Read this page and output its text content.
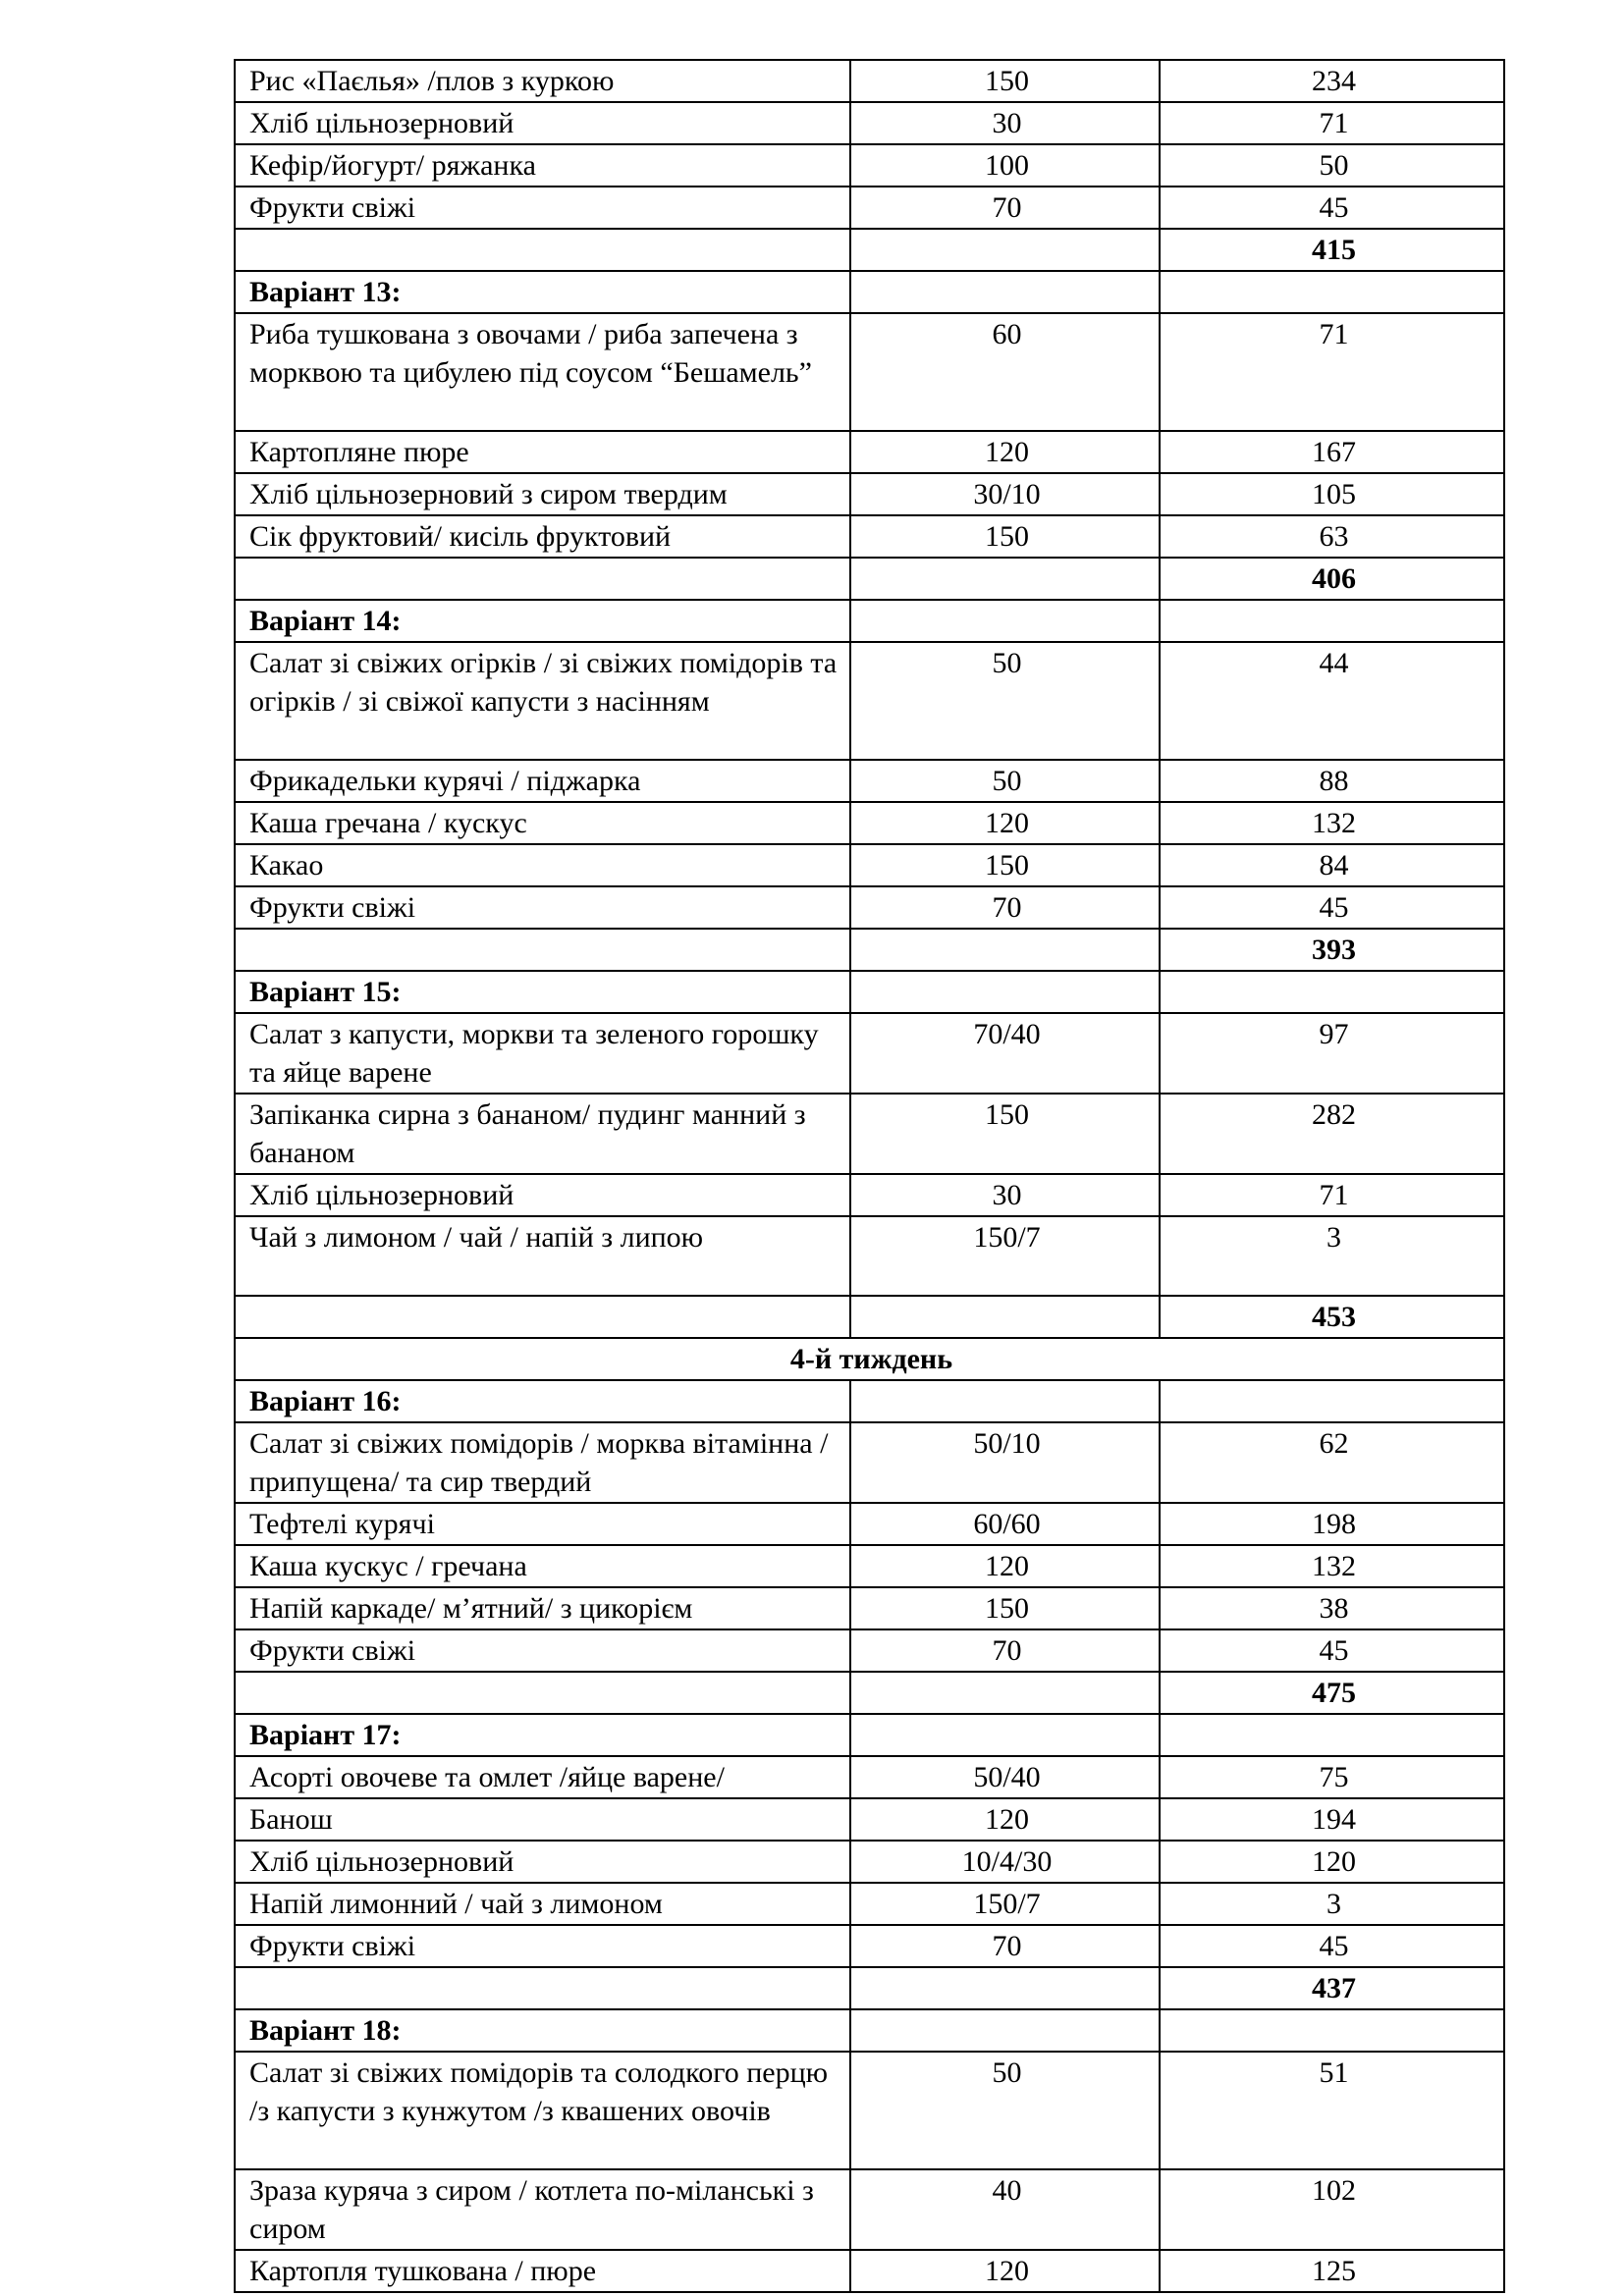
Рис «Паєлья» /плов з куркою	150	234
Хліб цільнозерновий	30	71
Кефір/йогурт/ ряжанка	100	50
Фрукти свіжі	70	45
		415
Варіант 13:		
Риба тушкована з овочами / риба запечена з морквою та цибулею під соусом “Бешамель”	60	71
Картопляне пюре	120	167
Хліб цільнозерновий з сиром твердим	30/10	105
Сік фруктовий/ кисіль фруктовий	150	63
		406
Варіант 14:		
Салат зі свіжих огірків / зі свіжих помідорів та огірків / зі свіжої капусти з насінням	50	44
Фрикадельки курячі / піджарка	50	88
Каша гречана / кускус	120	132
Какао	150	84
Фрукти свіжі	70	45
		393
Варіант 15:		
Салат з капусти, моркви та зеленого горошку та яйце варене	70/40	97
Запіканка сирна з бананом/ пудинг манний з бананом	150	282
Хліб цільнозерновий	30	71
Чай з лимоном / чай / напій з липою	150/7	3
		453
4-й тиждень		
Варіант 16:		
Салат зі свіжих помідорів / морква вітамінна / припущена/ та сир твердий	50/10	62
Тефтелі курячі	60/60	198
Каша кускус / гречана	120	132
Напій каркаде/ м’ятний/ з цикорієм	150	38
Фрукти свіжі	70	45
		475
Варіант 17:		
Асорті овочеве та омлет /яйце варене/	50/40	75
Банош	120	194
Хліб цільнозерновий	10/4/30	120
Напій лимонний / чай з лимоном	150/7	3
Фрукти свіжі	70	45
		437
Варіант 18:		
Салат зі свіжих помідорів та солодкого перцю /з капусти з кунжутом /з квашених овочів	50	51
Зраза куряча з сиром / котлета по-міланські з сиром	40	102
Картопля тушкована / пюре	120	125
